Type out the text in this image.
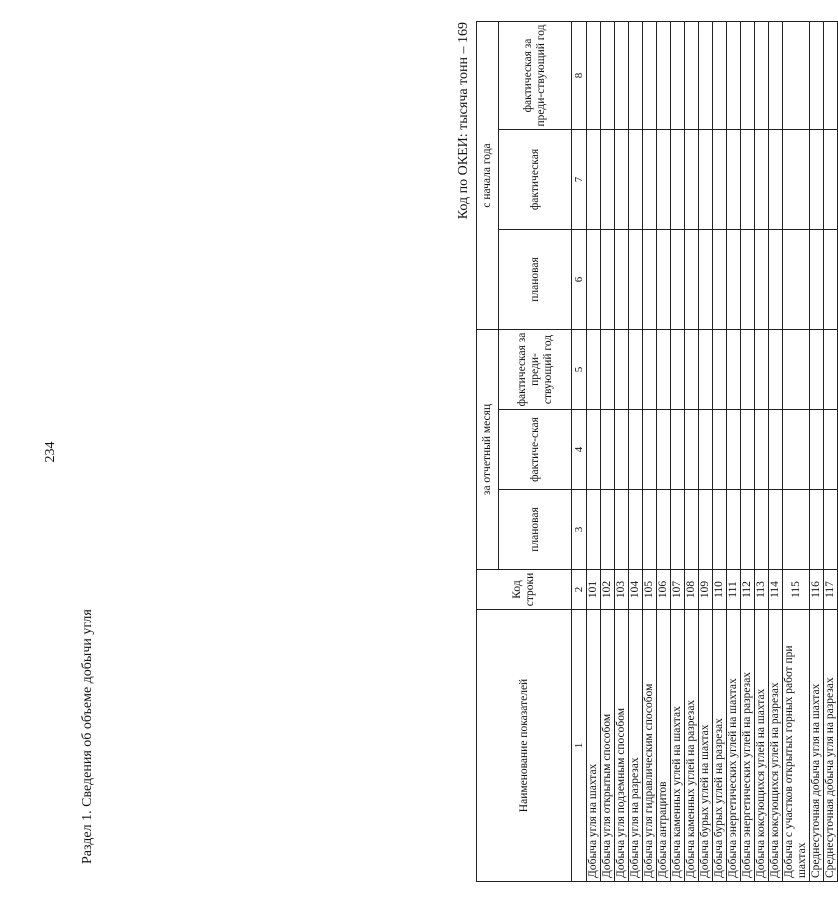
234
Раздел 1. Сведения об объеме добычи угля
Код по ОКЕИ: тысяча тонн – 169
Наименование показателей	Код строки	за отчетный месяц			с начала года		
		плановая	фактиче-ская	фактическая за преди-ствующий год	плановая	фактическая	фактическая за преди-ствующий год
1	2	3	4	5	6	7	8
Добыча угля на шахтах	101						
Добыча угля открытым способом	102						
Добыча угля подземным способом	103						
Добыча угля на разрезах	104						
Добыча угля гидравлическим способом	105						
Добыча антрацитов	106						
Добыча каменных углей на шахтах	107						
Добыча каменных углей на разрезах	108						
Добыча бурых углей на шахтах	109						
Добыча бурых углей на разрезах	110						
Добыча энергетических углей на шахтах	111						
Добыча энергетических углей на разрезах	112						
Добыча коксующихся углей на шахтах	113						
Добыча коксующихся углей на разрезах	114						
Добыча с участков открытых горных работ при шахтах	115						
Среднесуточная добыча угля на шахтах	116						
Среднесуточная добыча угля на разрезах	117						
